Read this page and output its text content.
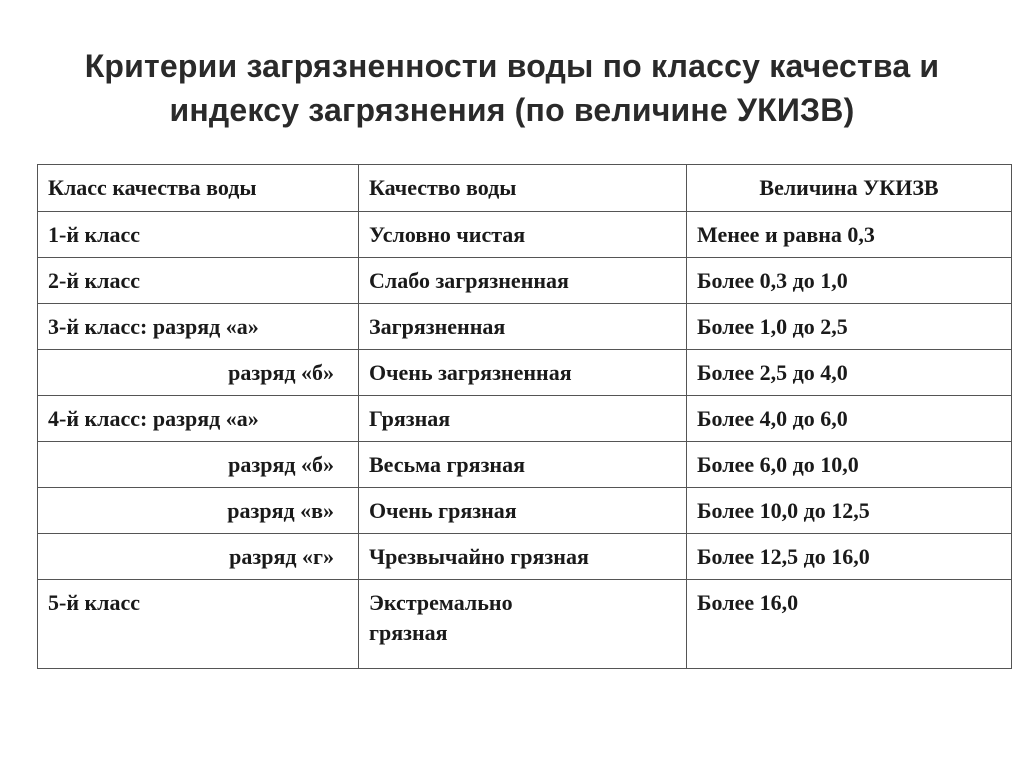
Критерии загрязненности воды по классу качества и
индексу загрязнения (по величине УКИЗВ)
Класс качества воды	Качество воды	Величина УКИЗВ
1-й класс	Условно чистая	Менее и равна 0,3
2-й класс	Слабо загрязненная	Более 0,3 до 1,0
3-й класс: разряд «а»	Загрязненная	Более 1,0 до 2,5
разряд «б»	Очень загрязненная	Более 2,5 до 4,0
4-й класс: разряд «а»	Грязная	Более 4,0 до 6,0
разряд «б»	Весьма грязная	Более 6,0 до 10,0
разряд «в»	Очень грязная	Более 10,0 до 12,5
разряд «г»	Чрезвычайно грязная	Более 12,5 до 16,0
5-й класс	Экстремально грязная	Более 16,0
